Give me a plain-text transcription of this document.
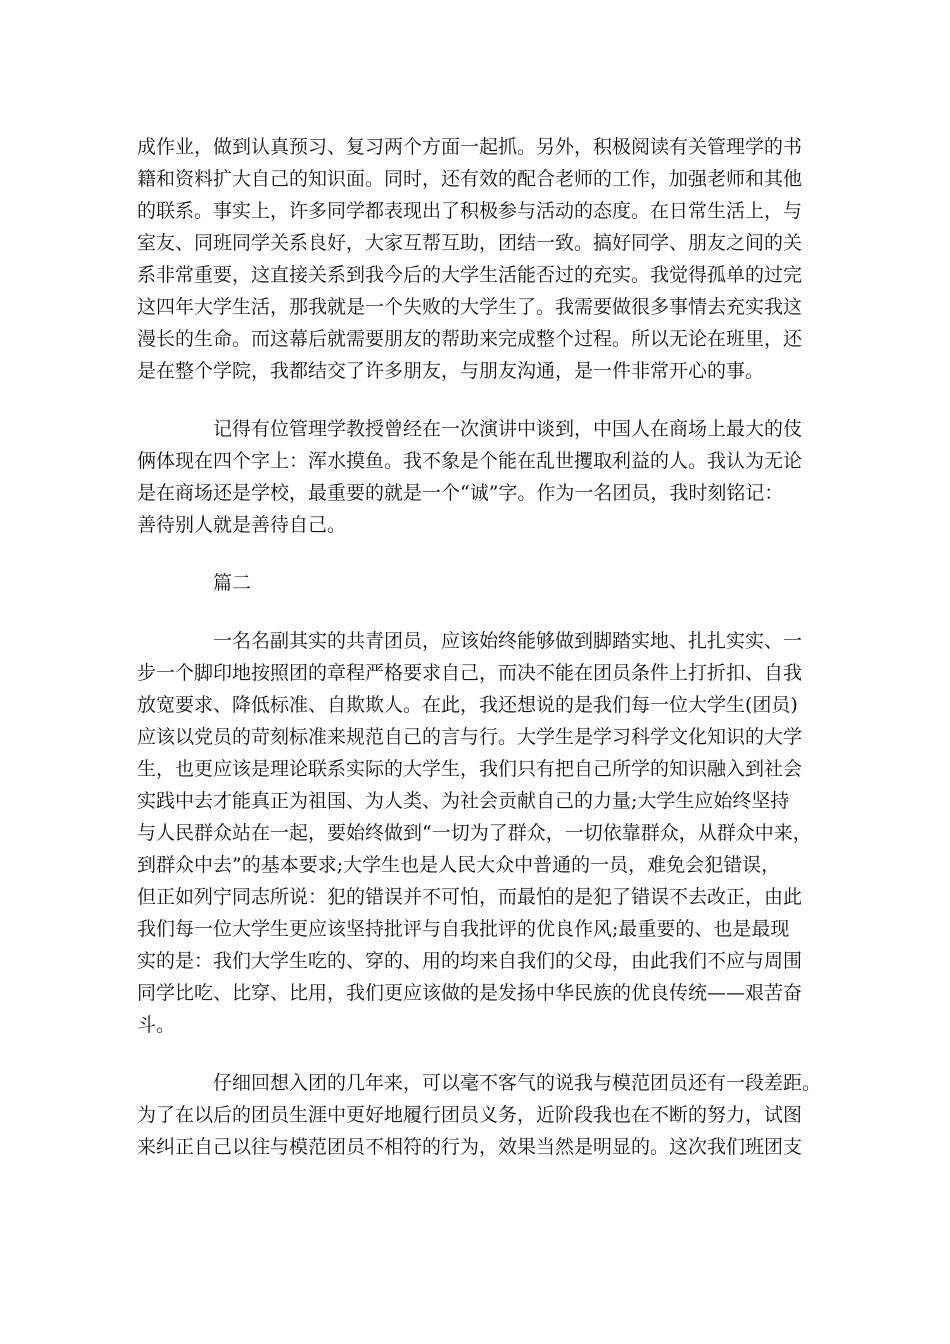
成作业，做到认真预习、复习两个方面一起抓。另外，积极阅读有关管理学的书
籍和资料扩大自己的知识面。同时，还有效的配合老师的工作，加强老师和其他
的联系。事实上，许多同学都表现出了积极参与活动的态度。在日常生活上，与
室友、同班同学关系良好，大家互帮互助，团结一致。搞好同学、朋友之间的关
系非常重要，这直接关系到我今后的大学生活能否过的充实。我觉得孤单的过完
这四年大学生活，那我就是一个失败的大学生了。我需要做很多事情去充实我这
漫长的生命。而这幕后就需要朋友的帮助来完成整个过程。所以无论在班里，还
是在整个学院，我都结交了许多朋友，与朋友沟通，是一件非常开心的事。
记得有位管理学教授曾经在一次演讲中谈到，中国人在商场上最大的伎
俩体现在四个字上：浑水摸鱼。我不象是个能在乱世攫取利益的人。我认为无论
是在商场还是学校，最重要的就是一个“诚”字。作为一名团员，我时刻铭记：
善待别人就是善待自己。
篇二
一名名副其实的共青团员，应该始终能够做到脚踏实地、扎扎实实、一
步一个脚印地按照团的章程严格要求自己，而决不能在团员条件上打折扣、自我
放宽要求、降低标准、自欺欺人。在此，我还想说的是我们每一位大学生(团员)
应该以党员的苛刻标准来规范自己的言与行。大学生是学习科学文化知识的大学
生，也更应该是理论联系实际的大学生，我们只有把自己所学的知识融入到社会
实践中去才能真正为祖国、为人类、为社会贡献自己的力量;大学生应始终坚持
与人民群众站在一起，要始终做到“一切为了群众，一切依靠群众，从群众中来，
到群众中去”的基本要求;大学生也是人民大众中普通的一员，难免会犯错误，
但正如列宁同志所说：犯的错误并不可怕，而最怕的是犯了错误不去改正，由此
我们每一位大学生更应该坚持批评与自我批评的优良作风;最重要的、也是最现
实的是：我们大学生吃的、穿的、用的均来自我们的父母，由此我们不应与周围
同学比吃、比穿、比用，我们更应该做的是发扬中华民族的优良传统——艰苦奋
斗。
仔细回想入团的几年来，可以毫不客气的说我与模范团员还有一段差距。
为了在以后的团员生涯中更好地履行团员义务，近阶段我也在不断的努力，试图
来纠正自己以往与模范团员不相符的行为，效果当然是明显的。这次我们班团支
